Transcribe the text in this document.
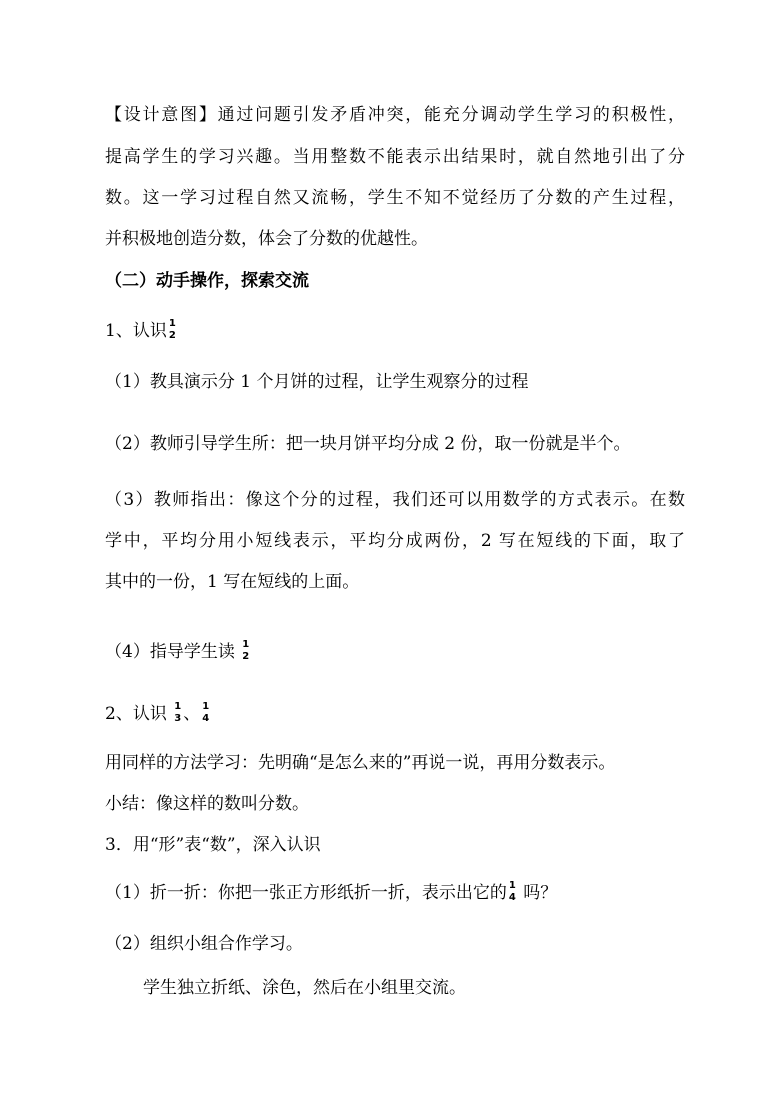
【设计意图】通过问题引发矛盾冲突，能充分调动学生学习的积极性，
提高学生的学习兴趣。当用整数不能表示出结果时，就自然地引出了分
数。这一学习过程自然又流畅，学生不知不觉经历了分数的产生过程，
并积极地创造分数，体会了分数的优越性。
（二）动手操作，探索交流
1、认识 1
2
（1）教具演示分 1 个月饼的过程，让学生观察分的过程
（2）教师引导学生所：把一块月饼平均分成 2 份，取一份就是半个。
（3）教师指出：像这个分的过程，我们还可以用数学的方式表示。在数
学中，平均分用小短线表示，平均分成两份，2 写在短线的下面，取了
其中的一份，1 写在短线的上面。
（4）指导学生读 1
2
2、认识 1
3 、 1
4
用同样的方法学习：先明确“是怎么来的”再说一说，再用分数表示。
小结：像这样的数叫分数。
3．用“形”表“数”，深入认识
（1）折一折：你把一张正方形纸折一折，表示出它的 1
4 吗？
（2）组织小组合作学习。
学生独立折纸、涂色，然后在小组里交流。
